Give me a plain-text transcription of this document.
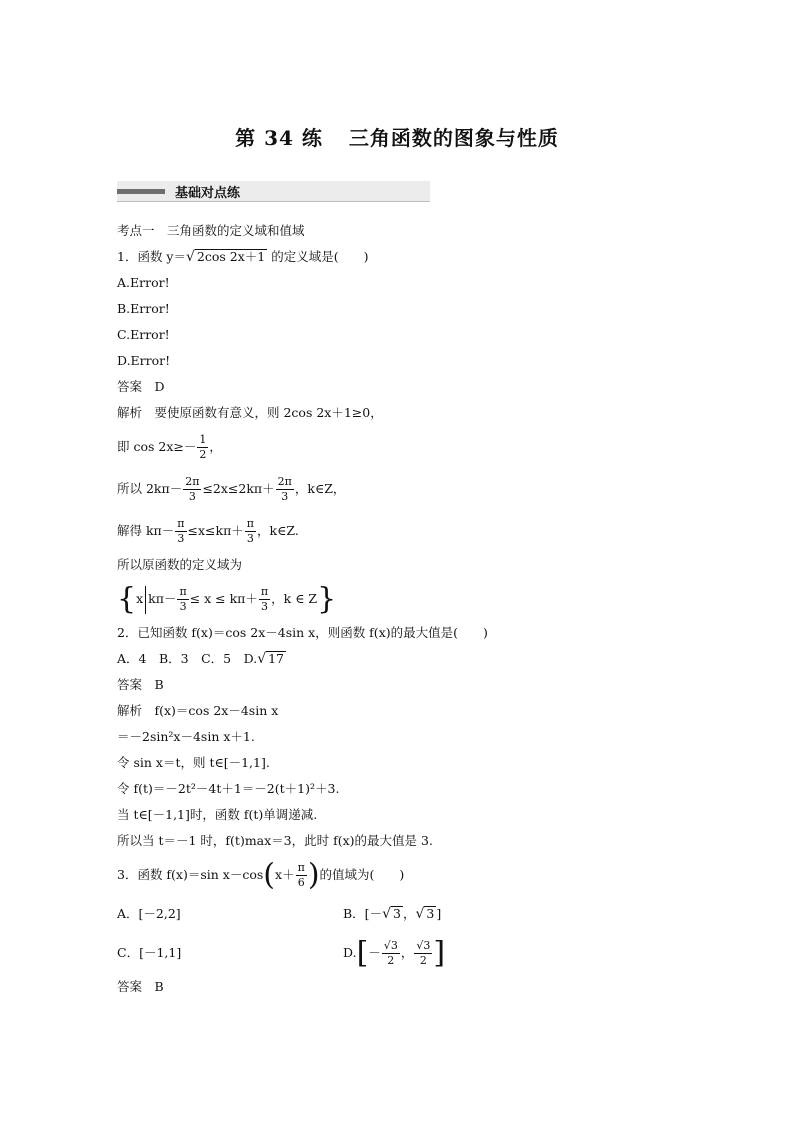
第 34 练 三角函数的图象与性质
基础对点练
考点一　三角函数的定义域和值域
1．函数 y＝√ 2cos 2x＋1 的定义域是(　　)
A.Error!
B.Error!
C.Error!
D.Error!
答案　D
解析　要使原函数有意义，则 2cos 2x＋1≥0，
即 $\cos 2x\ge- \frac{1}{2}$ ，
所以 $2k\pi- \frac{2\pi}{3} \le 2x\le 2k\pi+ \frac{2\pi}{3}$ ，k∈Z，
解得 $k\pi- \frac{\pi}{3} \le x\le k\pi+ \frac{\pi}{3}$ ，k∈Z.
所以原函数的定义域为
{x $k\pi- \frac{\pi}{3} \le x \le k\pi+ \frac{\pi}{3}$ ，k ∈ Z}
2．已知函数 f(x)＝cos 2x－4sin x，则函数 f(x)的最大值是(　　)
A．4　B．3　C．5　D.√ 17
答案　B
解析　f(x)＝cos 2x－4sin x
＝－2sin²x－4sin x＋1.
令 sin x＝t，则 t∈[－1,1].
令 f(t)＝－2t²－4t＋1＝－2(t＋1)²＋3.
当 t∈[－1,1]时，函数 f(t)单调递减.
所以当 t＝－1 时，f(t)max＝3，此时 f(x)的最大值是 3.
3．函数 f(x)＝sin $x-\cos(x+ \frac{\pi}{6}$ )的值域为(　　)
A．[－2,2]	B．[－√ 3 ，√ 3 ]
C．[－1,1]	$D.[- \frac{√3}{2}$ ， $\frac{√3}{2}$ ]
答案　B
